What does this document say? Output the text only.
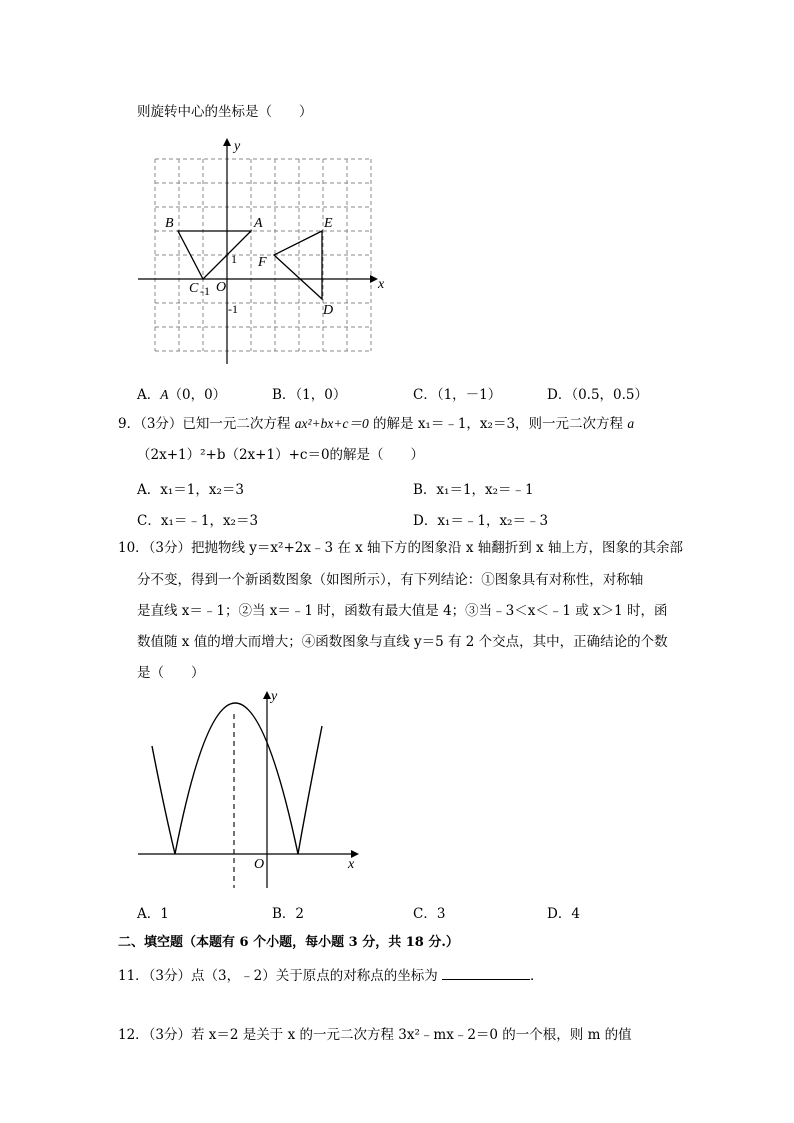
则旋转中心的坐标是（　　）
y
x
B	A	E
F
D
C -1 O
1
-1
A．A（0，0）	B．（1，0）	C．（1，－1）	D．（0.5，0.5）
9．（3分）已知一元二次方程 ax²+bx+c＝0 的解是 x₁＝﹣1，x₂＝3，则一元二次方程 a
（2x+1）²+b（2x+1）+c＝0的解是（　　）
A．x₁＝1，x₂＝3	B．x₁＝1，x₂＝﹣1
C．x₁＝﹣1，x₂＝3	D．x₁＝﹣1，x₂＝﹣3
10．（3分）把抛物线 y＝x²+2x﹣3 在 x 轴下方的图象沿 x 轴翻折到 x 轴上方，图象的其余部
分不变，得到一个新函数图象（如图所示），有下列结论：①图象具有对称性，对称轴
是直线 x＝﹣1；②当 x＝﹣1 时，函数有最大值是 4；③当﹣3＜x＜﹣1 或 x＞1 时，函
数值随 x 值的增大而增大；④函数图象与直线 y＝5 有 2 个交点，其中，正确结论的个数
是（　　）
y
x
O
A．1	B．2	C．3	D．4
二、填空题（本题有 6 个小题，每小题 3 分，共 18 分.）
11．（3分）点（3，﹣2）关于原点的对称点的坐标为	．
12．（3分）若 x＝2 是关于 x 的一元二次方程 3x²﹣mx﹣2＝0 的一个根，则 m 的值
